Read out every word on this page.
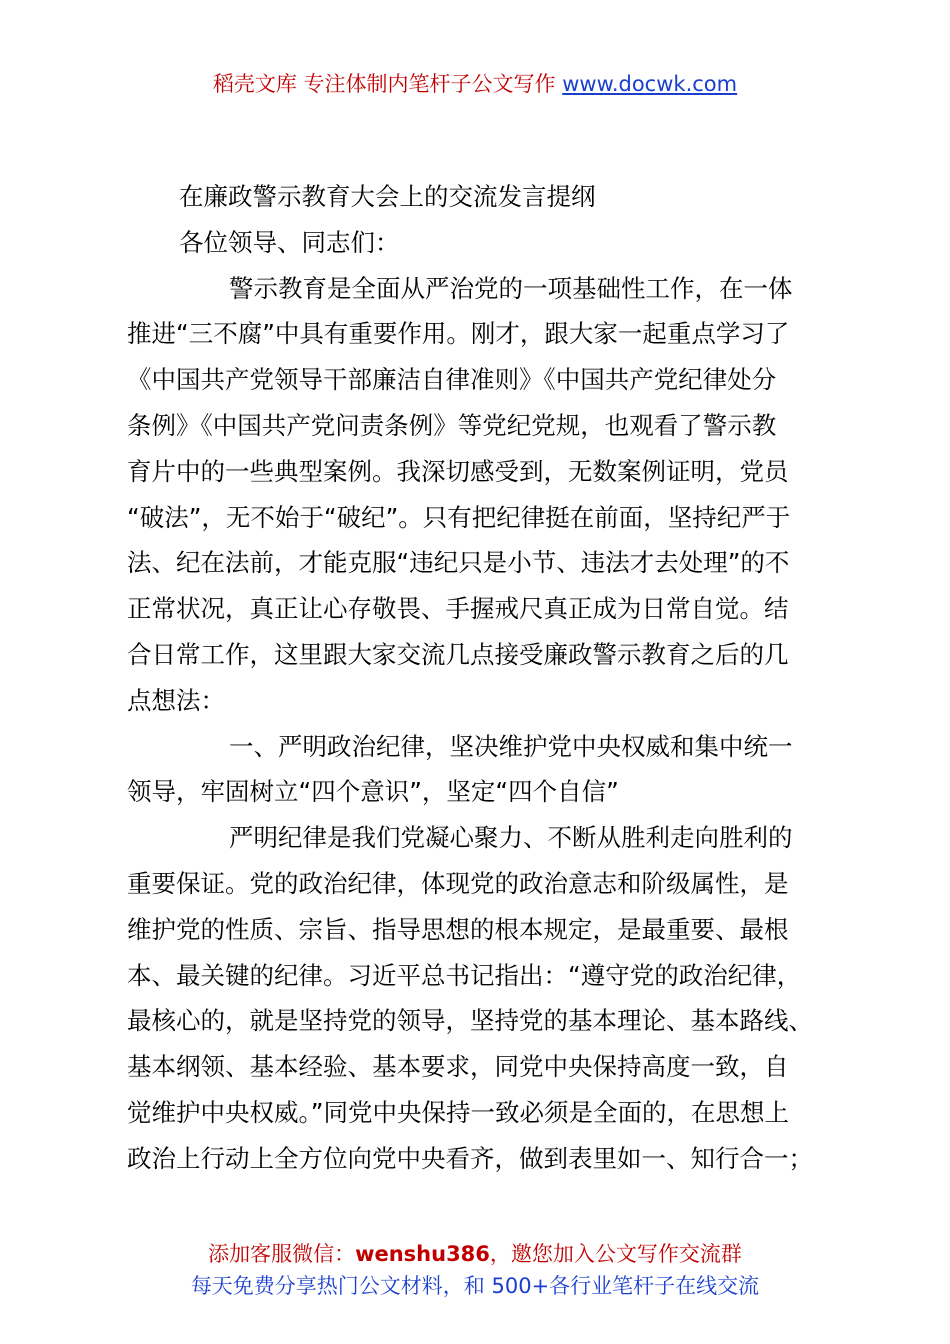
稻壳文库 专注体制内笔杆子公文写作 www.docwk.com
在廉政警示教育大会上的交流发言提纲
各位领导、同志们：
警示教育是全面从严治党的一项基础性工作，在一体
推进“三不腐”中具有重要作用。刚才，跟大家一起重点学习了
《中国共产党领导干部廉洁自律准则》《中国共产党纪律处分
条例》《中国共产党问责条例》等党纪党规，也观看了警示教
育片中的一些典型案例。我深切感受到，无数案例证明，党员
“破法”，无不始于“破纪”。只有把纪律挺在前面，坚持纪严于
法、纪在法前，才能克服“违纪只是小节、违法才去处理”的不
正常状况，真正让心存敬畏、手握戒尺真正成为日常自觉。结
合日常工作，这里跟大家交流几点接受廉政警示教育之后的几
点想法：
一、严明政治纪律，坚决维护党中央权威和集中统一
领导，牢固树立“四个意识”，坚定“四个自信”
严明纪律是我们党凝心聚力、不断从胜利走向胜利的
重要保证。党的政治纪律，体现党的政治意志和阶级属性，是
维护党的性质、宗旨、指导思想的根本规定，是最重要、最根
本、最关键的纪律。习近平总书记指出：“遵守党的政治纪律，
最核心的，就是坚持党的领导，坚持党的基本理论、基本路线、
基本纲领、基本经验、基本要求，同党中央保持高度一致，自
觉维护中央权威。”同党中央保持一致必须是全面的，在思想上
政治上行动上全方位向党中央看齐，做到表里如一、知行合一；
添加客服微信：wenshu386，邀您加入公文写作交流群
每天免费分享热门公文材料，和 500+各行业笔杆子在线交流
